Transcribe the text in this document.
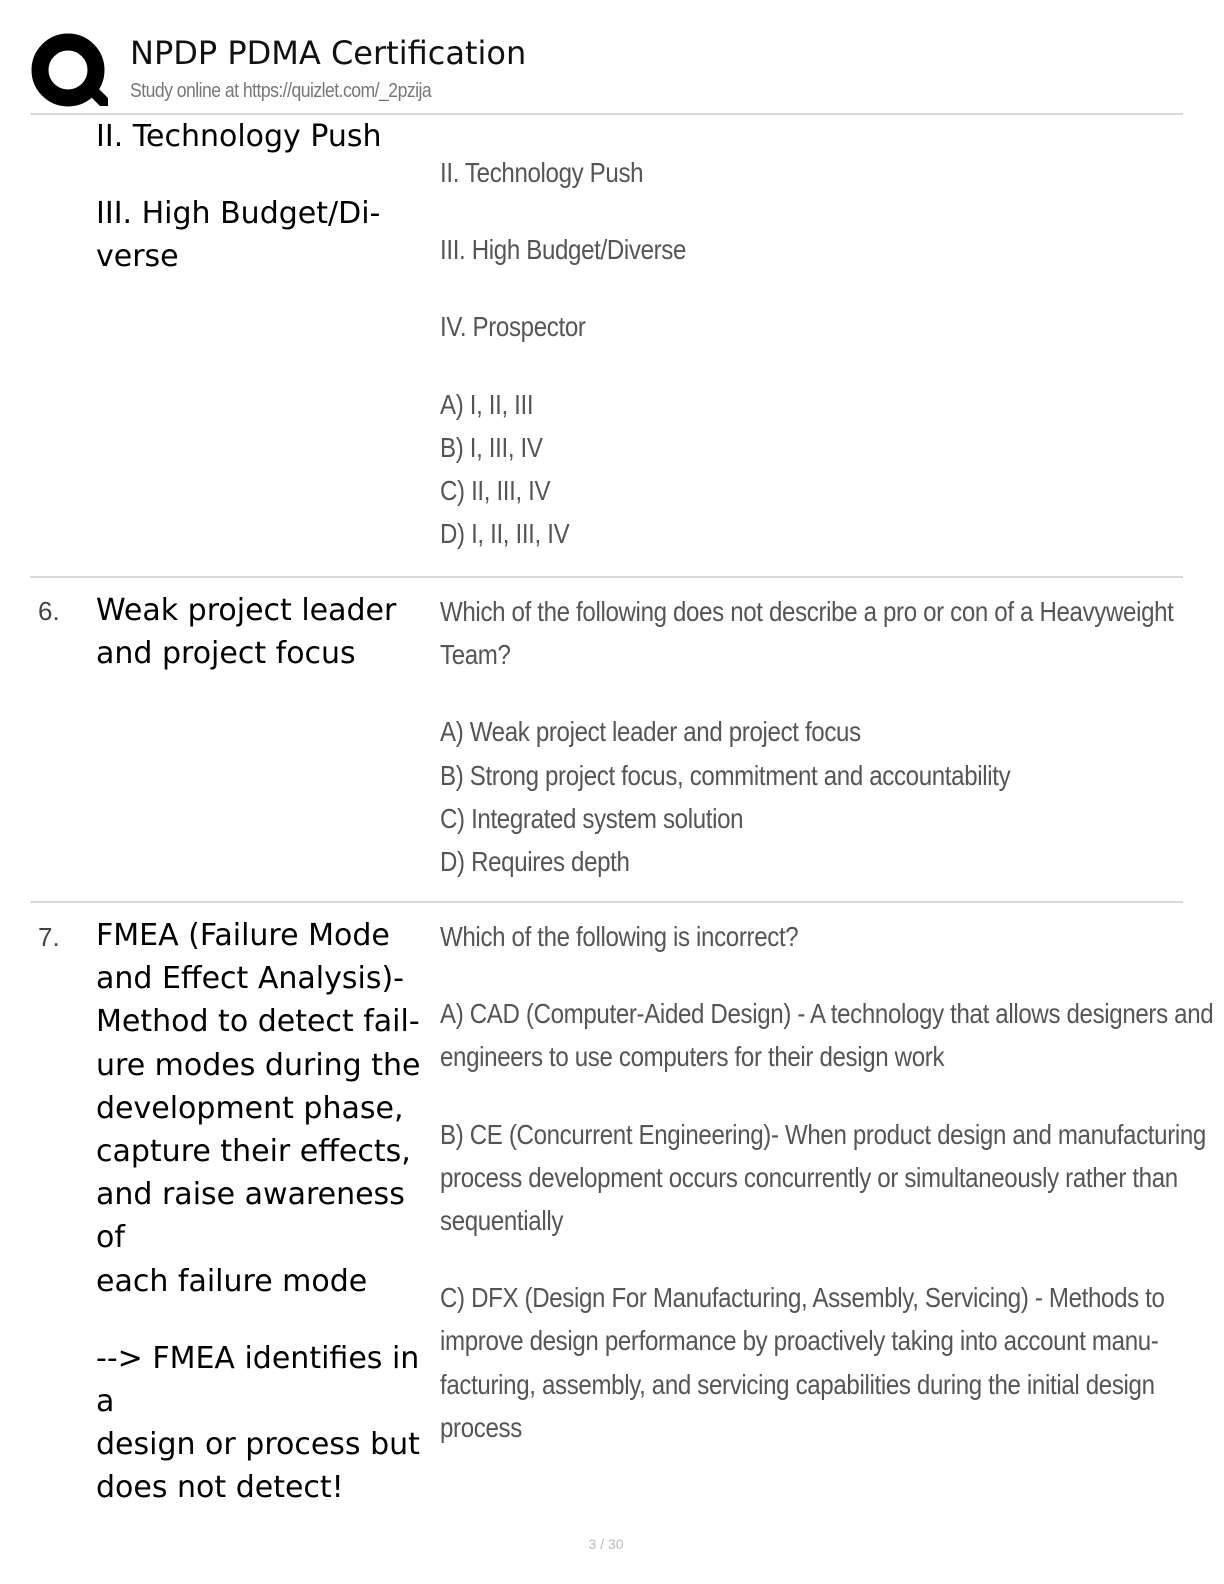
NPDP PDMA Certification
Study online at https://quizlet.com/_2pzija

II. Technology Push

III. High Budget/Di-

verse

II. Technology Push

III. High Budget/Diverse

IV. Prospector

A) I, II, III

B) I, III, IV

C) II, III, IV

D) I, II, III, IV

6. Weak project leader

and project focus

Which of the following does not describe a pro or con of a Heavyweight

Team?

A) Weak project leader and project focus

B) Strong project focus, commitment and accountability

C) Integrated system solution

D) Requires depth

7. FMEA (Failure Mode

and Effect Analysis)-

Method to detect fail-

ure modes during the

development phase,

capture their effects,

and raise awareness of

each failure mode

--> FMEA identifies in a

design or process but

does not detect!

Which of the following is incorrect?

A) CAD (Computer-Aided Design) - A technology that allows designers and

engineers to use computers for their design work

B) CE (Concurrent Engineering)- When product design and manufacturing

process development occurs concurrently or simultaneously rather than

sequentially

C) DFX (Design For Manufacturing, Assembly, Servicing) - Methods to

improve design performance by proactively taking into account manu-

facturing, assembly, and servicing capabilities during the initial design

process

3 / 30
